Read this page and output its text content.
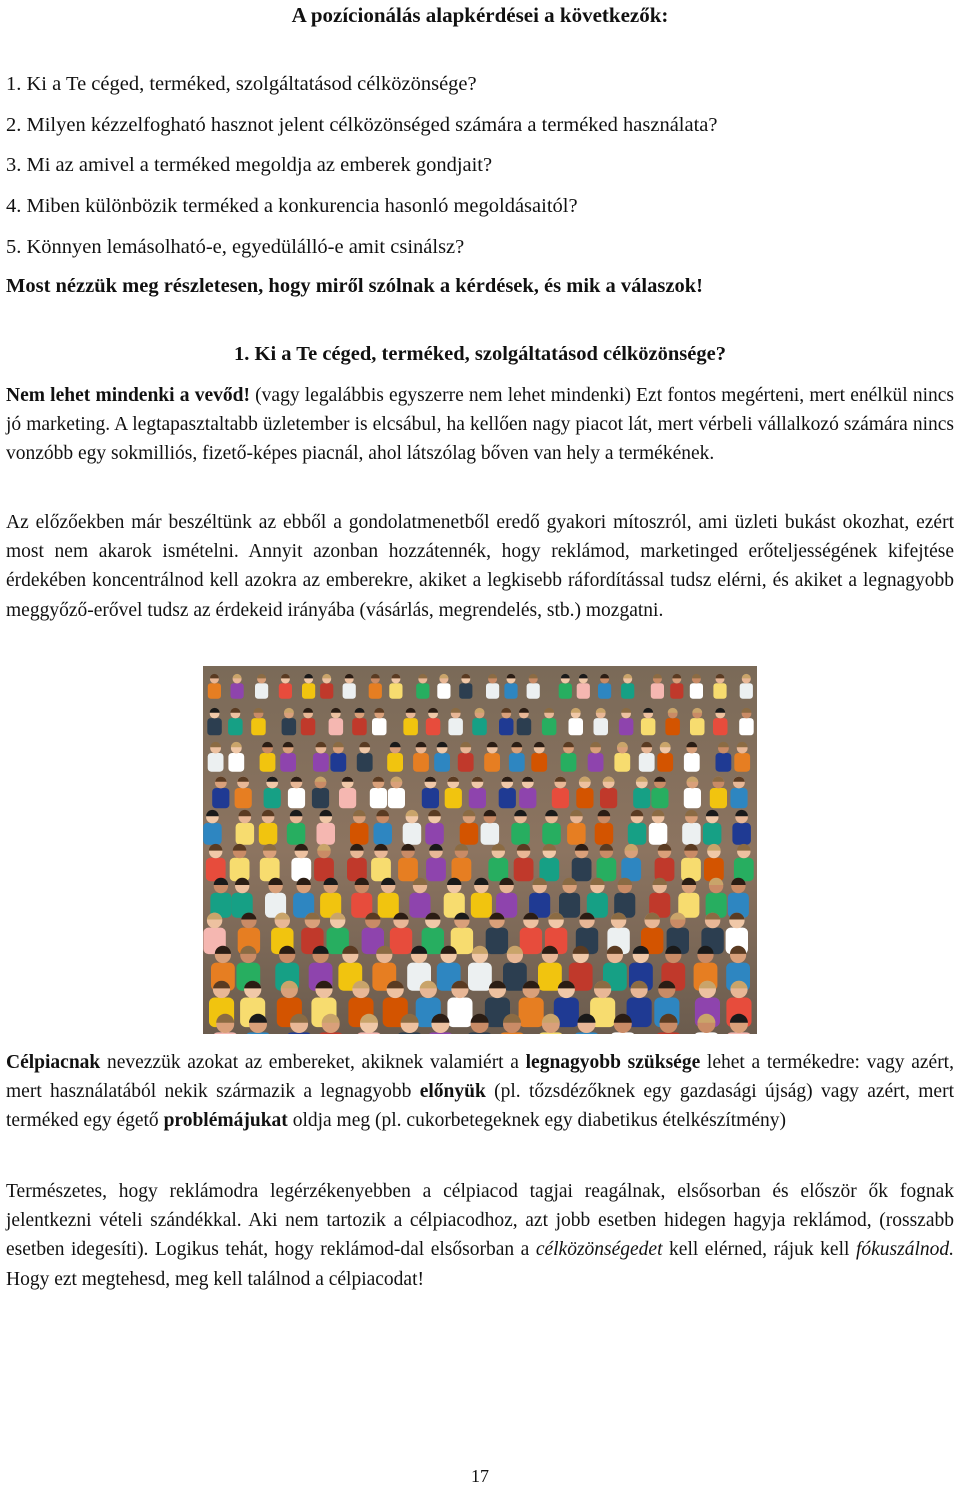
A pozícionálás alapkérdései a következők:
1. Ki a Te céged, terméked, szolgáltatásod célközönsége?
2. Milyen kézzelfogható hasznot jelent célközönséged számára a terméked használata?
3. Mi az amivel a terméked megoldja az emberek gondjait?
4. Miben különbözik terméked a konkurencia hasonló megoldásaitól?
5. Könnyen lemásolható-e, egyedülálló-e amit csinálsz?

Most nézzük meg részletesen, hogy miről szólnak a kérdések, és mik a válaszok!

1. Ki a Te céged, terméked, szolgáltatásod célközönsége?

Nem lehet mindenki a vevőd! (vagy legalábbis egyszerre nem lehet mindenki) Ezt fontos megérteni, mert enélkül nincs jó marketing. A legtapasztaltabb üzletember is elcsábul, ha kellően nagy piacot lát, mert vérbeli vállalkozó számára nincs vonzóbb egy sokmilliós, fizető-képes piacnál, ahol látszólag bőven van hely a termékének.

Az előzőekben már beszéltünk az ebből a gondolatmenetből eredő gyakori mítoszról, ami üzleti bukást okozhat, ezért most nem akarok ismételni. Annyit azonban hozzátennék, hogy reklámod, marketinged erőteljességének kifejtése érdekében koncentrálnod kell azokra az emberekre, akiket a legkisebb ráfordítással tudsz elérni, és akiket a legnagyobb meggyőző-erővel tudsz az érdekeid irányába (vásárlás, megrendelés, stb.) mozgatni.

Célpiacnak nevezzük azokat az embereket, akiknek valamiért a legnagyobb szüksége lehet a termékedre: vagy azért, mert használatából nekik származik a legnagyobb előnyük (pl. tőzsdézőknek egy gazdasági újság) vagy azért, mert terméked egy égető problémájukat oldja meg (pl. cukorbetegeknek egy diabetikus ételkészítmény)

Természetes, hogy reklámodra legérzékenyebben a célpiacod tagjai reagálnak, elsősorban és először ők fognak jelentkezni vételi szándékkal. Aki nem tartozik a célpiacodhoz, azt jobb esetben hidegen hagyja reklámod, (rosszabb esetben idegesíti). Logikus tehát, hogy reklámod-dal elsősorban a célközönségedet kell elérned, rájuk kell fókuszálnod. Hogy ezt megtehesd, meg kell találnod a célpiacodat!

17
